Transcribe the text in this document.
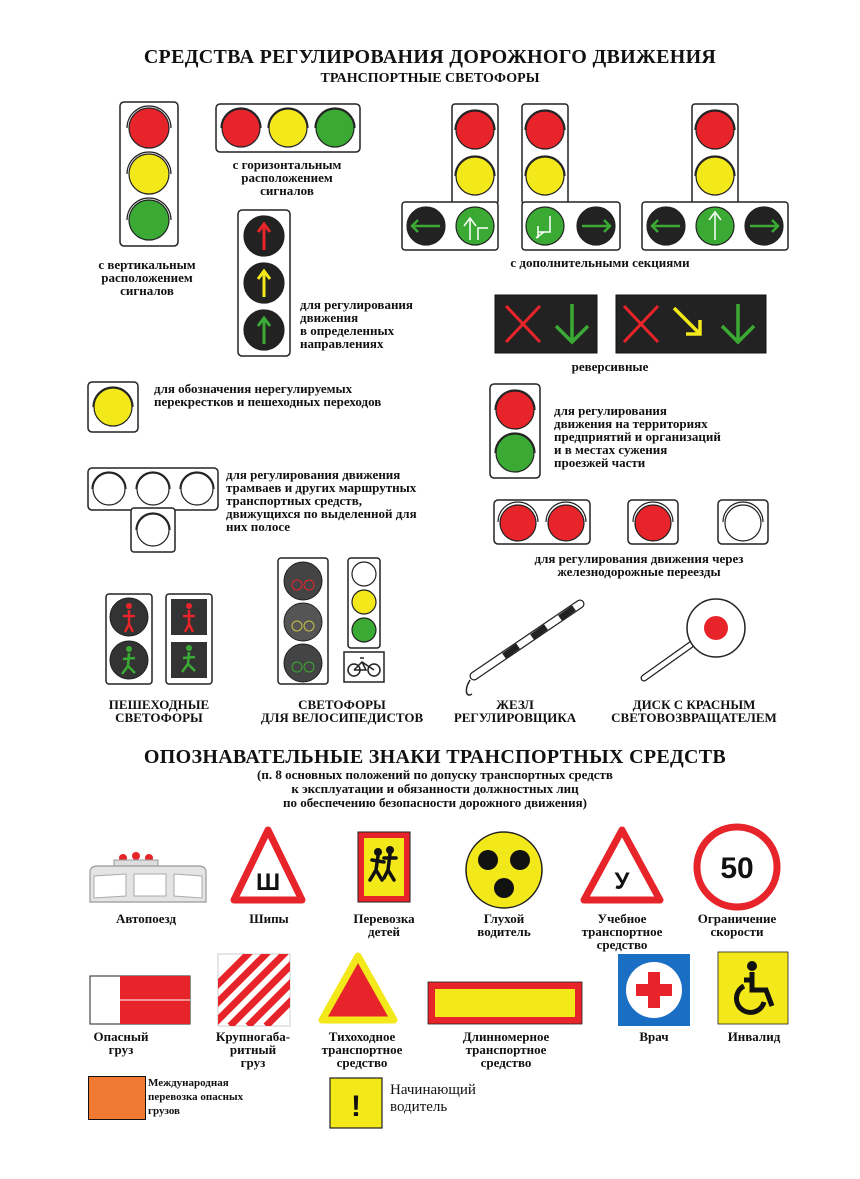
СРЕДСТВА РЕГУЛИРОВАНИЯ ДОРОЖНОГО ДВИЖЕНИЯ
ТРАНСПОРТНЫЕ СВЕТОФОРЫ
с вертикальным
расположением
сигналов
с горизонтальным
расположением
сигналов
для регулирования
движения
в определенных
направлениях
с дополнительными секциями
реверсивные
для обозначения нерегулируемых
перекрестков и пешеходных переходов
для регулирования
движения на территориях
предприятий и организаций
и в местах сужения
проезжей части
для регулирования движения
трамваев и других маршрутных
транспортных средств,
движущихся по выделенной для
них полосе
для регулирования движения через
железнодорожные переезды
ПЕШЕХОДНЫЕ
СВЕТОФОРЫ
СВЕТОФОРЫ
ДЛЯ ВЕЛОСИПЕДИСТОВ
ЖЕЗЛ
РЕГУЛИРОВЩИКА
ДИСК С КРАСНЫМ
СВЕТОВОЗВРАЩАТЕЛЕМ
ОПОЗНАВАТЕЛЬНЫЕ ЗНАКИ ТРАНСПОРТНЫХ СРЕДСТВ
(п. 8 основных положений по допуску транспортных средств
к эксплуатации и обязанности должностных лиц
по обеспечению безопасности дорожного движения)
Автопоезд
Ш
Шипы	Перевозка
детей
Глухой
водитель
У
Учебное
транспортное
средство
50
Ограничение
скорости
Опасный
груз
Крупногаба-
ритный
груз
Тихоходное
транспортное
средство
Длинномерное
транспортное
средство
Врач	Инвалид
Международная
перевозка опасных
грузов	! Начинающий
водитель
